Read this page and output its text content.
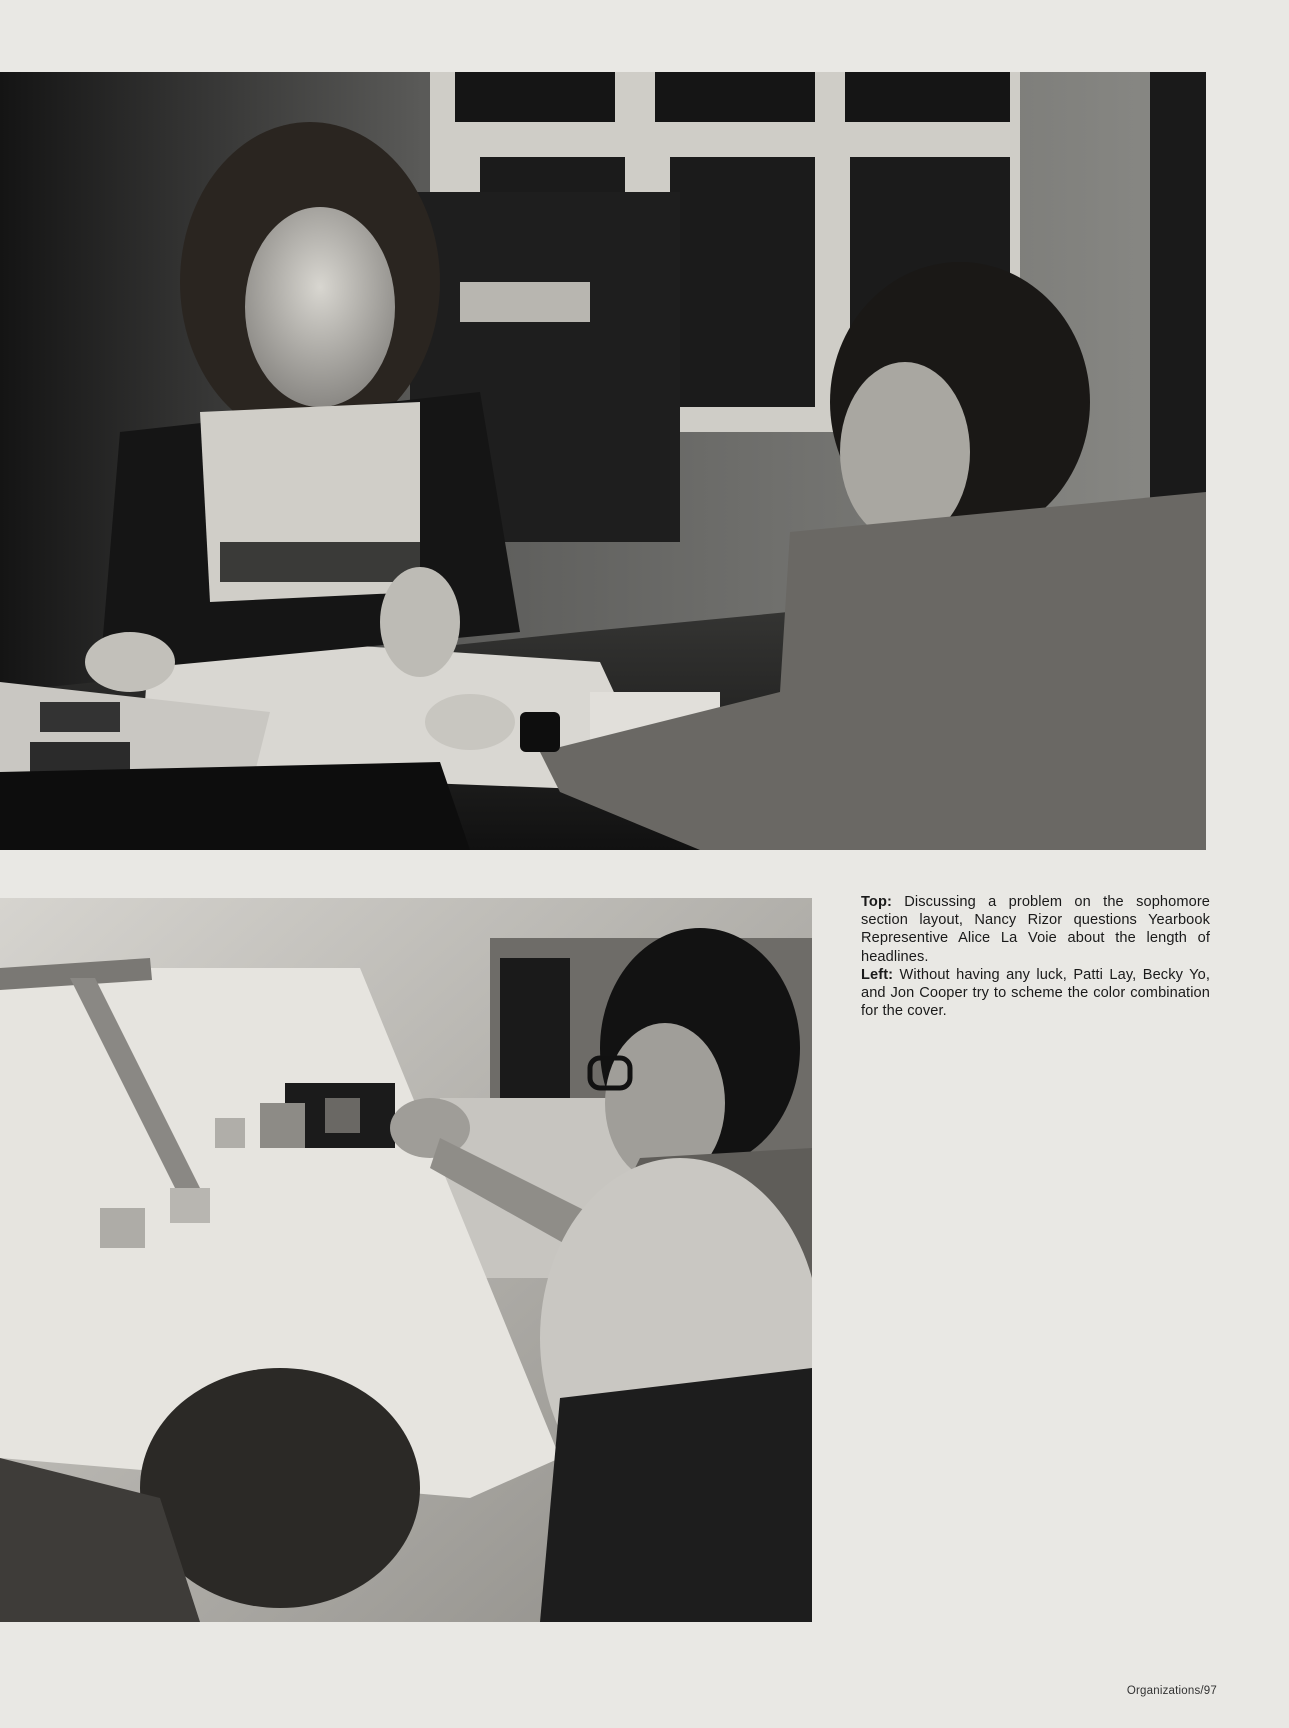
Top: Discussing a problem on the sophomore section layout, Nancy Rizor questions Yearbook Representive Alice La Voie about the length of headlines.

Left: Without having any luck, Patti Lay, Becky Yo, and Jon Cooper try to scheme the color combination for the cover.

Organizations/97
